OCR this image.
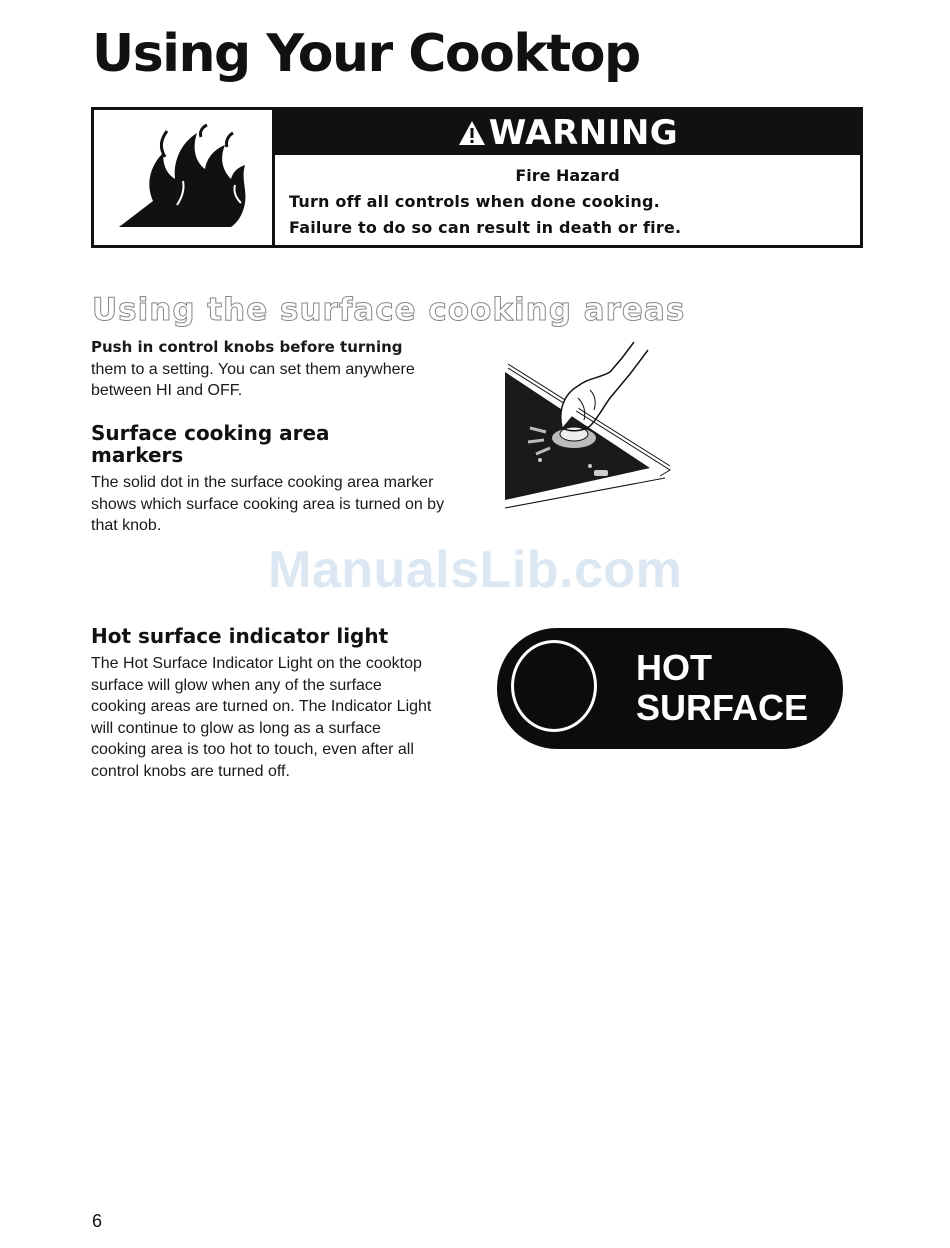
Using Your Cooktop
WARNING
Fire Hazard
Turn off all controls when done cooking.
Failure to do so can result in death or fire.
Using the surface cooking areas

Push in control knobs before turning them to a setting. You can set them anywhere between HI and OFF.

Surface cooking area markers

The solid dot in the surface cooking area marker shows which surface cooking area is turned on by that knob.

ManualsLib.com
Hot surface indicator light

The Hot Surface Indicator Light on the cooktop surface will glow when any of the surface cooking areas are turned on. The Indicator Light will continue to glow as long as a surface cooking area is too hot to touch, even after all control knobs are turned off.

HOT
SURFACE
6
